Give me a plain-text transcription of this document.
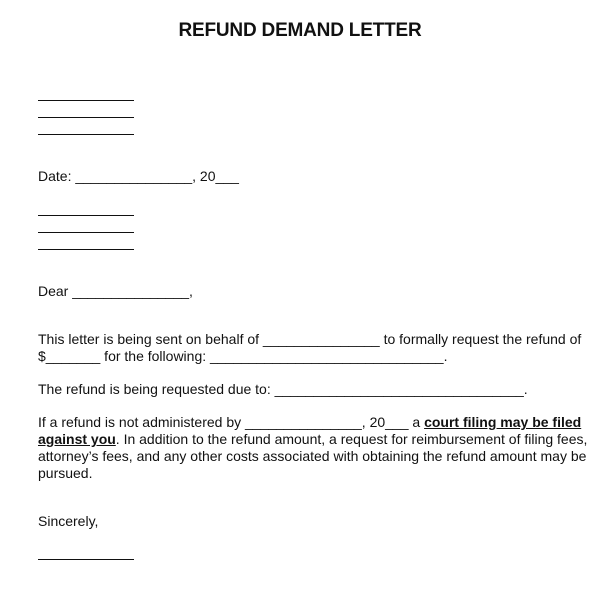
REFUND DEMAND LETTER
Date: _______________, 20___
Dear _______________,
This letter is being sent on behalf of _______________ to formally request the refund of
$_______ for the following: ______________________________.
The refund is being requested due to: ________________________________.
If a refund is not administered by _______________, 20___ a court filing may be filed
against you. In addition to the refund amount, a request for reimbursement of filing fees,
attorney’s fees, and any other costs associated with obtaining the refund amount may be
pursued.
Sincerely,
